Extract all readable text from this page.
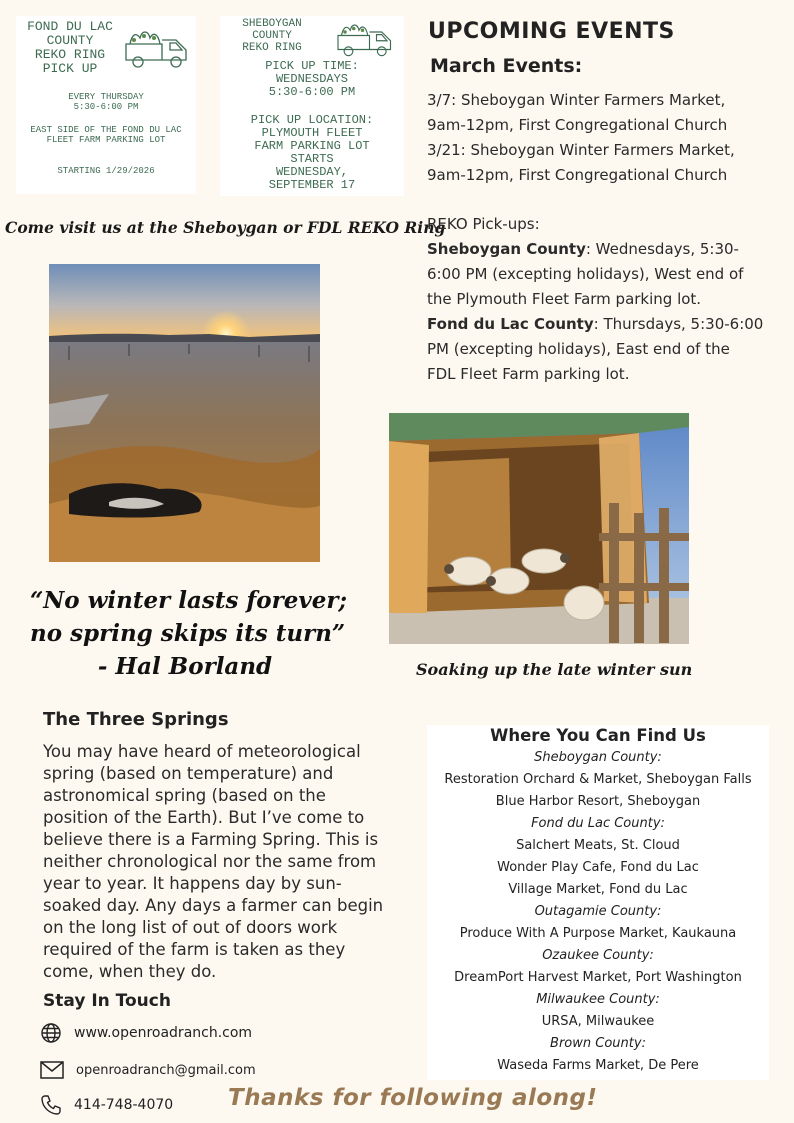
FOND DU LAC
COUNTY
REKO RING
PICK UP
EVERY THURSDAY
5:30-6:00 PM
EAST SIDE OF THE FOND DU LAC
FLEET FARM PARKING LOT
STARTING 1/29/2026
SHEBOYGAN
COUNTY
REKO RING
PICK UP TIME:
WEDNESDAYS
5:30-6:00 PM
PICK UP LOCATION:
PLYMOUTH FLEET
FARM PARKING LOT
STARTS
WEDNESDAY,
SEPTEMBER 17
Come visit us at the Sheboygan or FDL REKO Ring
UPCOMING EVENTS
March Events:
3/7: Sheboygan Winter Farmers Market,
9am-12pm, First Congregational Church
3/21: Sheboygan Winter Farmers Market,
9am-12pm, First Congregational Church
REKO Pick-ups:
Sheboygan County: Wednesdays, 5:30-
6:00 PM (excepting holidays), West end of
the Plymouth Fleet Farm parking lot.
Fond du Lac County: Thursdays, 5:30-6:00
PM (excepting holidays), East end of the
FDL Fleet Farm parking lot.
“No winter lasts forever;
no spring skips its turn”
- Hal Borland	Soaking up the late winter sun
The Three Springs
You may have heard of meteorological
spring (based on temperature) and
astronomical spring (based on the
position of the Earth). But I’ve come to
believe there is a Farming Spring. This is
neither chronological nor the same from
year to year. It happens day by sun-
soaked day. Any days a farmer can begin
on the long list of out of doors work
required of the farm is taken as they
come, when they do.
Stay In Touch
www.openroadranch.com
openroadranch@gmail.com
414-748-4070
Where You Can Find Us
Sheboygan County:
Restoration Orchard & Market, Sheboygan Falls
Blue Harbor Resort, Sheboygan
Fond du Lac County:
Salchert Meats, St. Cloud
Wonder Play Cafe, Fond du Lac
Village Market, Fond du Lac
Outagamie County:
Produce With A Purpose Market, Kaukauna
Ozaukee County:
DreamPort Harvest Market, Port Washington
Milwaukee County:
URSA, Milwaukee
Brown County:
Waseda Farms Market, De Pere
Thanks for following along!
